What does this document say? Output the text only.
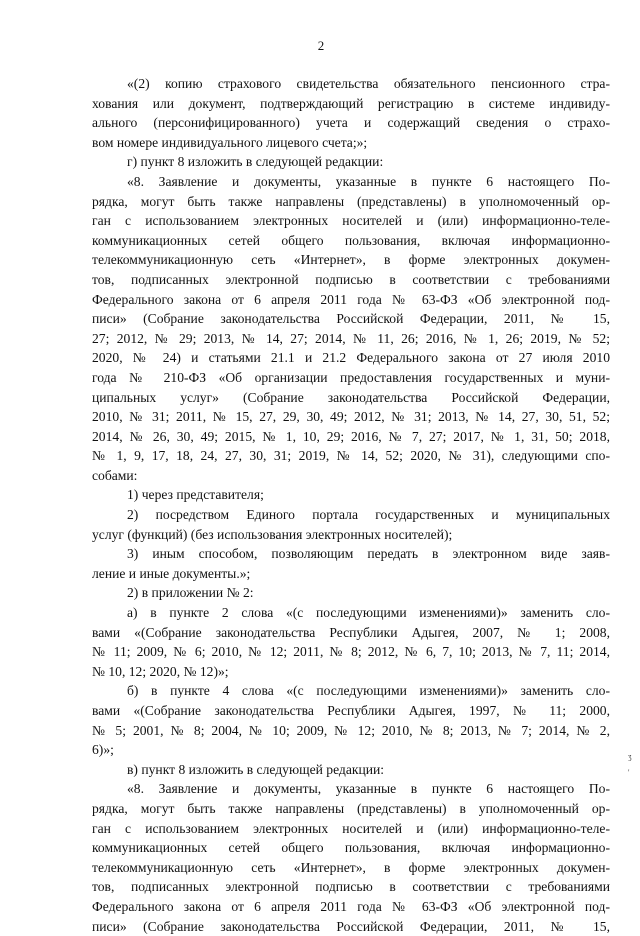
2
«(2) копию страхового свидетельства обязательного пенсионного стра-
хования или документ, подтверждающий регистрацию в системе индивиду-
ального (персонифицированного) учета и содержащий сведения о страхо-
вом номере индивидуального лицевого счета;»;
г) пункт 8 изложить в следующей редакции:
«8. Заявление и документы, указанные в пункте 6 настоящего По-
рядка, могут быть также направлены (представлены) в уполномоченный ор-
ган с использованием электронных носителей и (или) информационно-теле-
коммуникационных сетей общего пользования, включая информационно-
телекоммуникационную сеть «Интернет», в форме электронных докумен-
тов, подписанных электронной подписью в соответствии с требованиями
Федерального закона от 6 апреля 2011 года № 63-ФЗ «Об электронной под-
писи» (Собрание законодательства Российской Федерации, 2011, № 15,
27; 2012, № 29; 2013, № 14, 27; 2014, № 11, 26; 2016, № 1, 26; 2019, № 52;
2020, № 24) и статьями 21.1 и 21.2 Федерального закона от 27 июля 2010
года № 210-ФЗ «Об организации предоставления государственных и муни-
ципальных услуг» (Собрание законодательства Российской Федерации,
2010, № 31; 2011, № 15, 27, 29, 30, 49; 2012, № 31; 2013, № 14, 27, 30, 51, 52;
2014, № 26, 30, 49; 2015, № 1, 10, 29; 2016, № 7, 27; 2017, № 1, 31, 50; 2018,
№ 1, 9, 17, 18, 24, 27, 30, 31; 2019, № 14, 52; 2020, № 31), следующими спо-
собами:
1) через представителя;
2) посредством Единого портала государственных и муниципальных
услуг (функций) (без использования электронных носителей);
3) иным способом, позволяющим передать в электронном виде заяв-
ление и иные документы.»;
2) в приложении № 2:
а) в пункте 2 слова «(с последующими изменениями)» заменить сло-
вами «(Собрание законодательства Республики Адыгея, 2007, № 1; 2008,
№ 11; 2009, № 6; 2010, № 12; 2011, № 8; 2012, № 6, 7, 10; 2013, № 7, 11; 2014,
№ 10, 12; 2020, № 12)»;
б) в пункте 4 слова «(с последующими изменениями)» заменить сло-
вами «(Собрание законодательства Республики Адыгея, 1997, № 11; 2000,
№ 5; 2001, № 8; 2004, № 10; 2009, № 12; 2010, № 8; 2013, № 7; 2014, № 2,
6)»;
в) пункт 8 изложить в следующей редакции:
«8. Заявление и документы, указанные в пункте 6 настоящего По-
рядка, могут быть также направлены (представлены) в уполномоченный ор-
ган с использованием электронных носителей и (или) информационно-теле-
коммуникационных сетей общего пользования, включая информационно-
телекоммуникационную сеть «Интернет», в форме электронных докумен-
тов, подписанных электронной подписью в соответствии с требованиями
Федерального закона от 6 апреля 2011 года № 63-ФЗ «Об электронной под-
писи» (Собрание законодательства Российской Федерации, 2011, № 15,
ʒ
'
